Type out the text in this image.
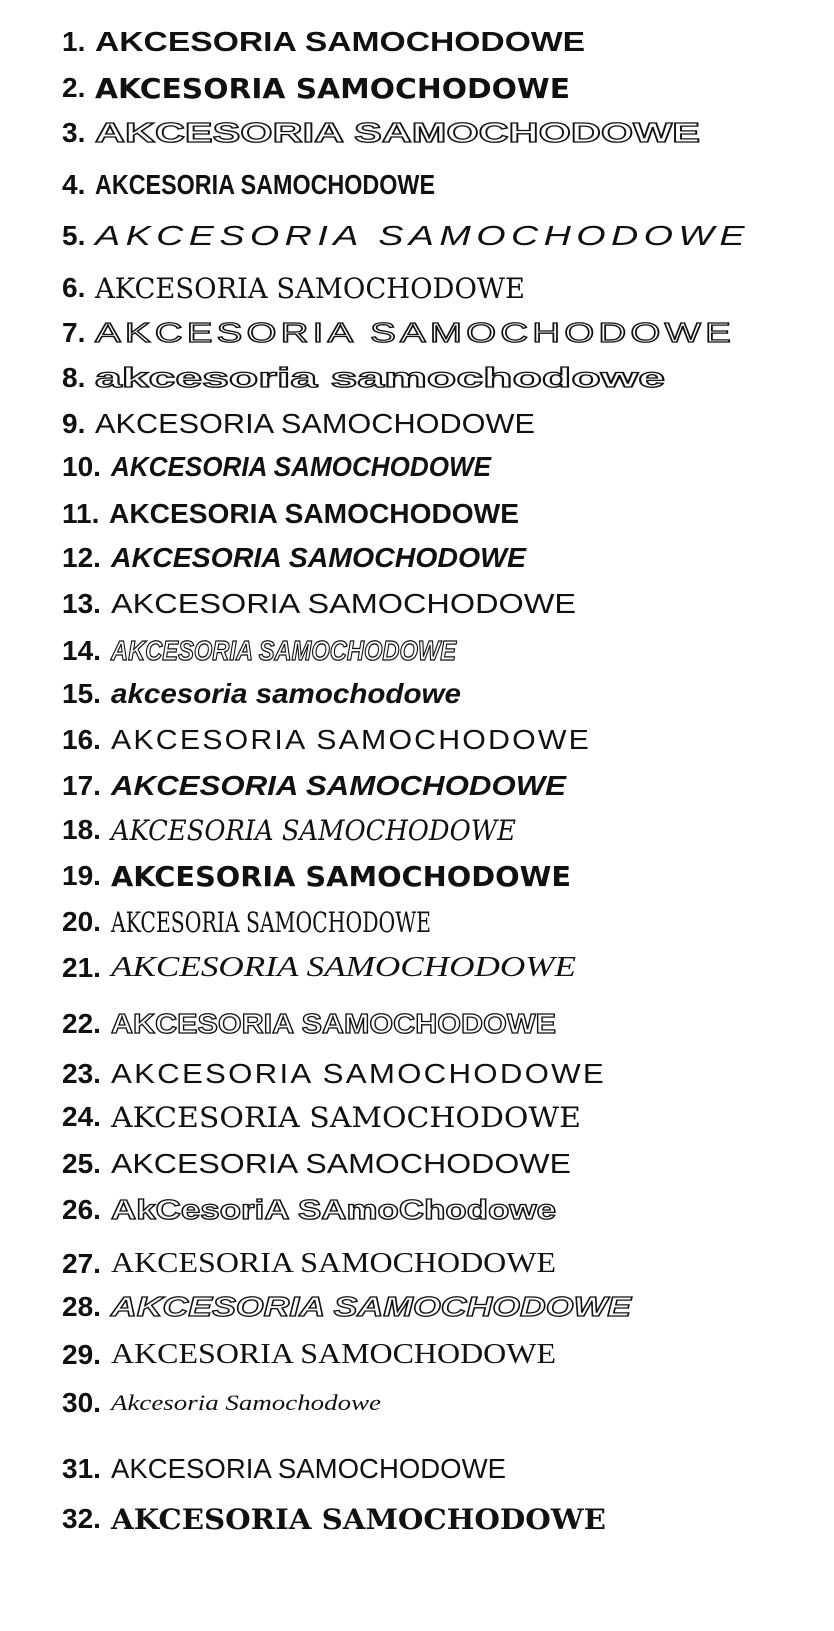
1. AKCESORIA SAMOCHODOWE
2. AKCESORIA SAMOCHODOWE
3. AKCESORIA SAMOCHODOWE
4. AKCESORIA SAMOCHODOWE
5. AKCESORIA SAMOCHODOWE
6. AKCESORIA SAMOCHODOWE
7. AKCESORIA SAMOCHODOWE
8. akcesoria samochodowe
9. AKCESORIA SAMOCHODOWE
10. AKCESORIA SAMOCHODOWE
11. AKCESORIA SAMOCHODOWE
12. AKCESORIA SAMOCHODOWE
13. AKCESORIA SAMOCHODOWE
14. AKCESORIA SAMOCHODOWE
15. akcesoria samochodowe
16. AKCESORIA SAMOCHODOWE
17. AKCESORIA SAMOCHODOWE
18. AKCESORIA SAMOCHODOWE
19. AKCESORIA SAMOCHODOWE
20. AKCESORIA SAMOCHODOWE
21. AKCESORIA SAMOCHODOWE
22. AKCESORIA SAMOCHODOWE
23. AKCESORIA SAMOCHODOWE
24. AKCESORIA SAMOCHODOWE
25. AKCESORIA SAMOCHODOWE
26. AkCesoriA SAmoChodowe
27. AKCESORIA SAMOCHODOWE
28. AKCESORIA SAMOCHODOWE
29. AKCESORIA SAMOCHODOWE
30. Akcesoria Samochodowe
31. AKCESORIA SAMOCHODOWE
32. AKCESORIA SAMOCHODOWE
